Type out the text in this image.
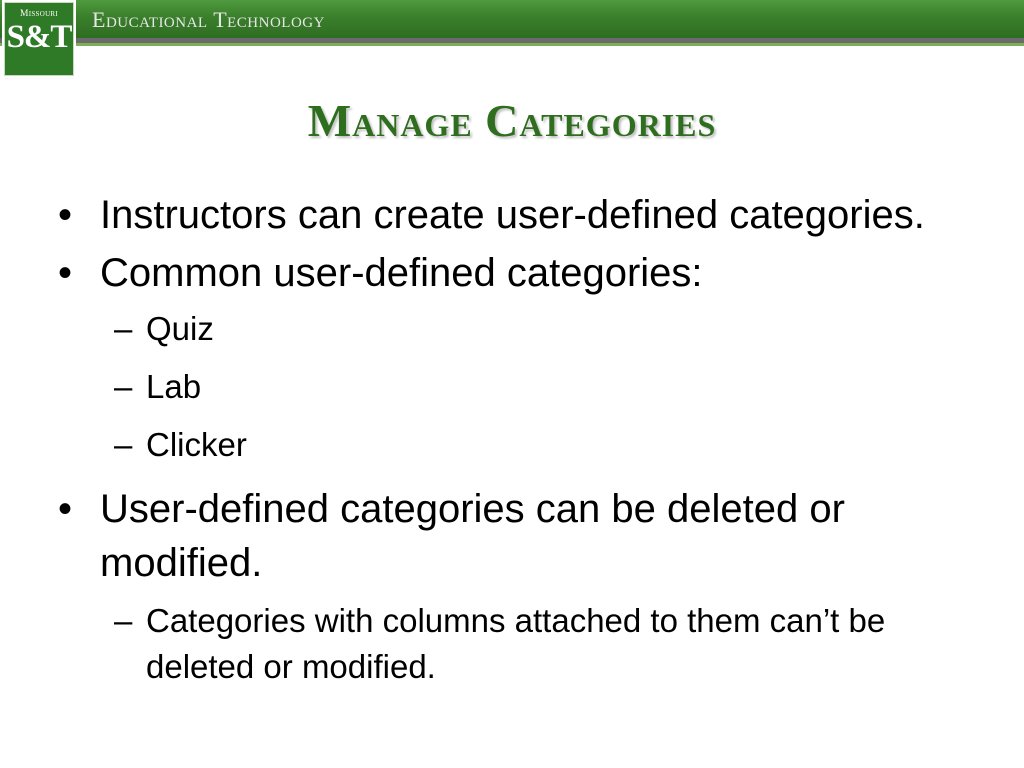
Missouri
S&T Educational Technology
Manage Categories
• Instructors can create user-defined categories.
• Common user-defined categories:
– Quiz
– Lab
– Clicker
• User-defined categories can be deleted or modified.
– Categories with columns attached to them can’t be deleted or modified.
